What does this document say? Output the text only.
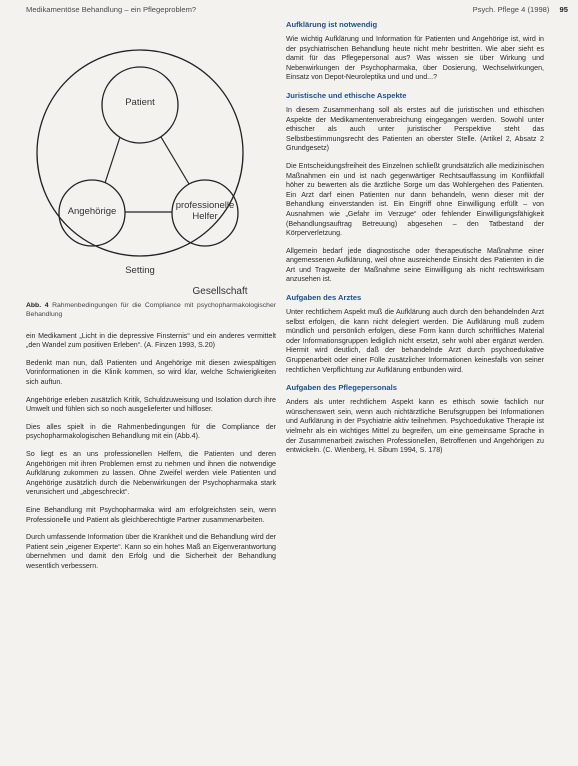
Medikamentöse Behandlung – ein Pflegeproblem?	Psych. Pflege 4 (1998) 95
Patient
Angehörige
professionelle
Helfer
Setting
Gesellschaft
Abb. 4 Rahmenbedingungen für die Compliance mit psychopharmakologischer Behandlung

ein Medikament „Licht in die depressive Finsternis“ und ein anderes vermittelt „den Wandel zum positiven Erleben“. (A. Finzen 1993, S.20)

Bedenkt man nun, daß Patienten und Angehörige mit diesen zwiespältigen Vorinformationen in die Klinik kommen, so wird klar, welche Schwierigkeiten sich auftun.

Angehörige erleben zusätzlich Kritik, Schuldzuweisung und Isolation durch ihre Umwelt und fühlen sich so noch ausgelieferter und hilfloser.

Dies alles spielt in die Rahmenbedingungen für die Compliance der psychopharmakologischen Behandlung mit ein (Abb.4).

So liegt es an uns professionellen Helfern, die Patienten und deren Angehörigen mit ihren Problemen ernst zu nehmen und ihnen die notwendige Aufklärung zukommen zu lassen. Ohne Zweifel werden viele Patienten und Angehörige zusätzlich durch die Nebenwirkungen der Psychopharmaka stark verunsichert und „abgeschreckt“.

Eine Behandlung mit Psychopharmaka wird am erfolgreichsten sein, wenn Professionelle und Patient als gleichberechtigte Partner zusammenarbeiten.

Durch umfassende Information über die Krankheit und die Behandlung wird der Patient sein „eigener Experte“. Kann so ein hohes Maß an Eigenverantwortung übernehmen und damit den Erfolg und die Sicherheit der Behandlung wesentlich verbessern.

Aufklärung ist notwendig

Wie wichtig Aufklärung und Information für Patienten und Angehörige ist, wird in der psychiatrischen Behandlung heute nicht mehr bestritten. Wie aber sieht es damit für das Pflegepersonal aus? Was wissen sie über Wirkung und Nebenwirkungen der Psychopharmaka, über Dosierung, Wechselwirkungen, Einsatz von Depot-Neuroleptika und und und...?

Juristische und ethische Aspekte

In diesem Zusammenhang soll als erstes auf die juristischen und ethischen Aspekte der Medikamentenverabreichung eingegangen werden. Sowohl unter ethischer als auch unter juristischer Perspektive steht das Selbstbestimmungsrecht des Patienten an oberster Stelle. (Artikel 2, Absatz 2 Grundgesetz)

Die Entscheidungsfreiheit des Einzelnen schließt grundsätzlich alle medizinischen Maßnahmen ein und ist nach gegenwärtiger Rechtsauffassung im Konfliktfall höher zu bewerten als die ärztliche Sorge um das Wohlergehen des Patienten. Ein Arzt darf einen Patienten nur dann behandeln, wenn dieser mit der Behandlung einverstanden ist. Ein Eingriff ohne Einwilligung erfüllt – von Ausnahmen wie „Gefahr im Verzuge“ oder fehlender Einwilligungsfähigkeit (Behandlungsauftrag Betreuung) abgesehen – den Tatbestand der Körperverletzung.

Allgemein bedarf jede diagnostische oder therapeutische Maßnahme einer angemessenen Aufklärung, weil ohne ausreichende Einsicht des Patienten in die Art und Tragweite der Maßnahme seine Einwilligung als nicht rechtswirksam anzusehen ist.

Aufgaben des Arztes

Unter rechtlichem Aspekt muß die Aufklärung auch durch den behandelnden Arzt selbst erfolgen, die kann nicht delegiert werden. Die Aufklärung muß zudem mündlich und persönlich erfolgen, diese Form kann durch schriftliches Material oder Informationsgruppen lediglich nicht ersetzt, sehr wohl aber ergänzt werden. Hiermit wird deutlich, daß der behandelnde Arzt durch psychoedukative Gruppenarbeit oder einer Fülle zusätzlicher Informationen keinesfalls von seiner rechtlichen Verpflichtung zur Aufklärung entbunden wird.

Aufgaben des Pflegepersonals

Anders als unter rechtlichem Aspekt kann es ethisch sowie fachlich nur wünschenswert sein, wenn auch nichtärztliche Berufsgruppen bei Informationen und Aufklärung in der Psychiatrie aktiv teilnehmen. Psychoedukative Therapie ist vielmehr als ein wichtiges Mittel zu begreifen, um eine gemeinsame Sprache in der Zusammenarbeit zwischen Professionellen, Betroffenen und Angehörigen zu entwickeln. (C. Wienberg, H. Sibum 1994, S. 178)
